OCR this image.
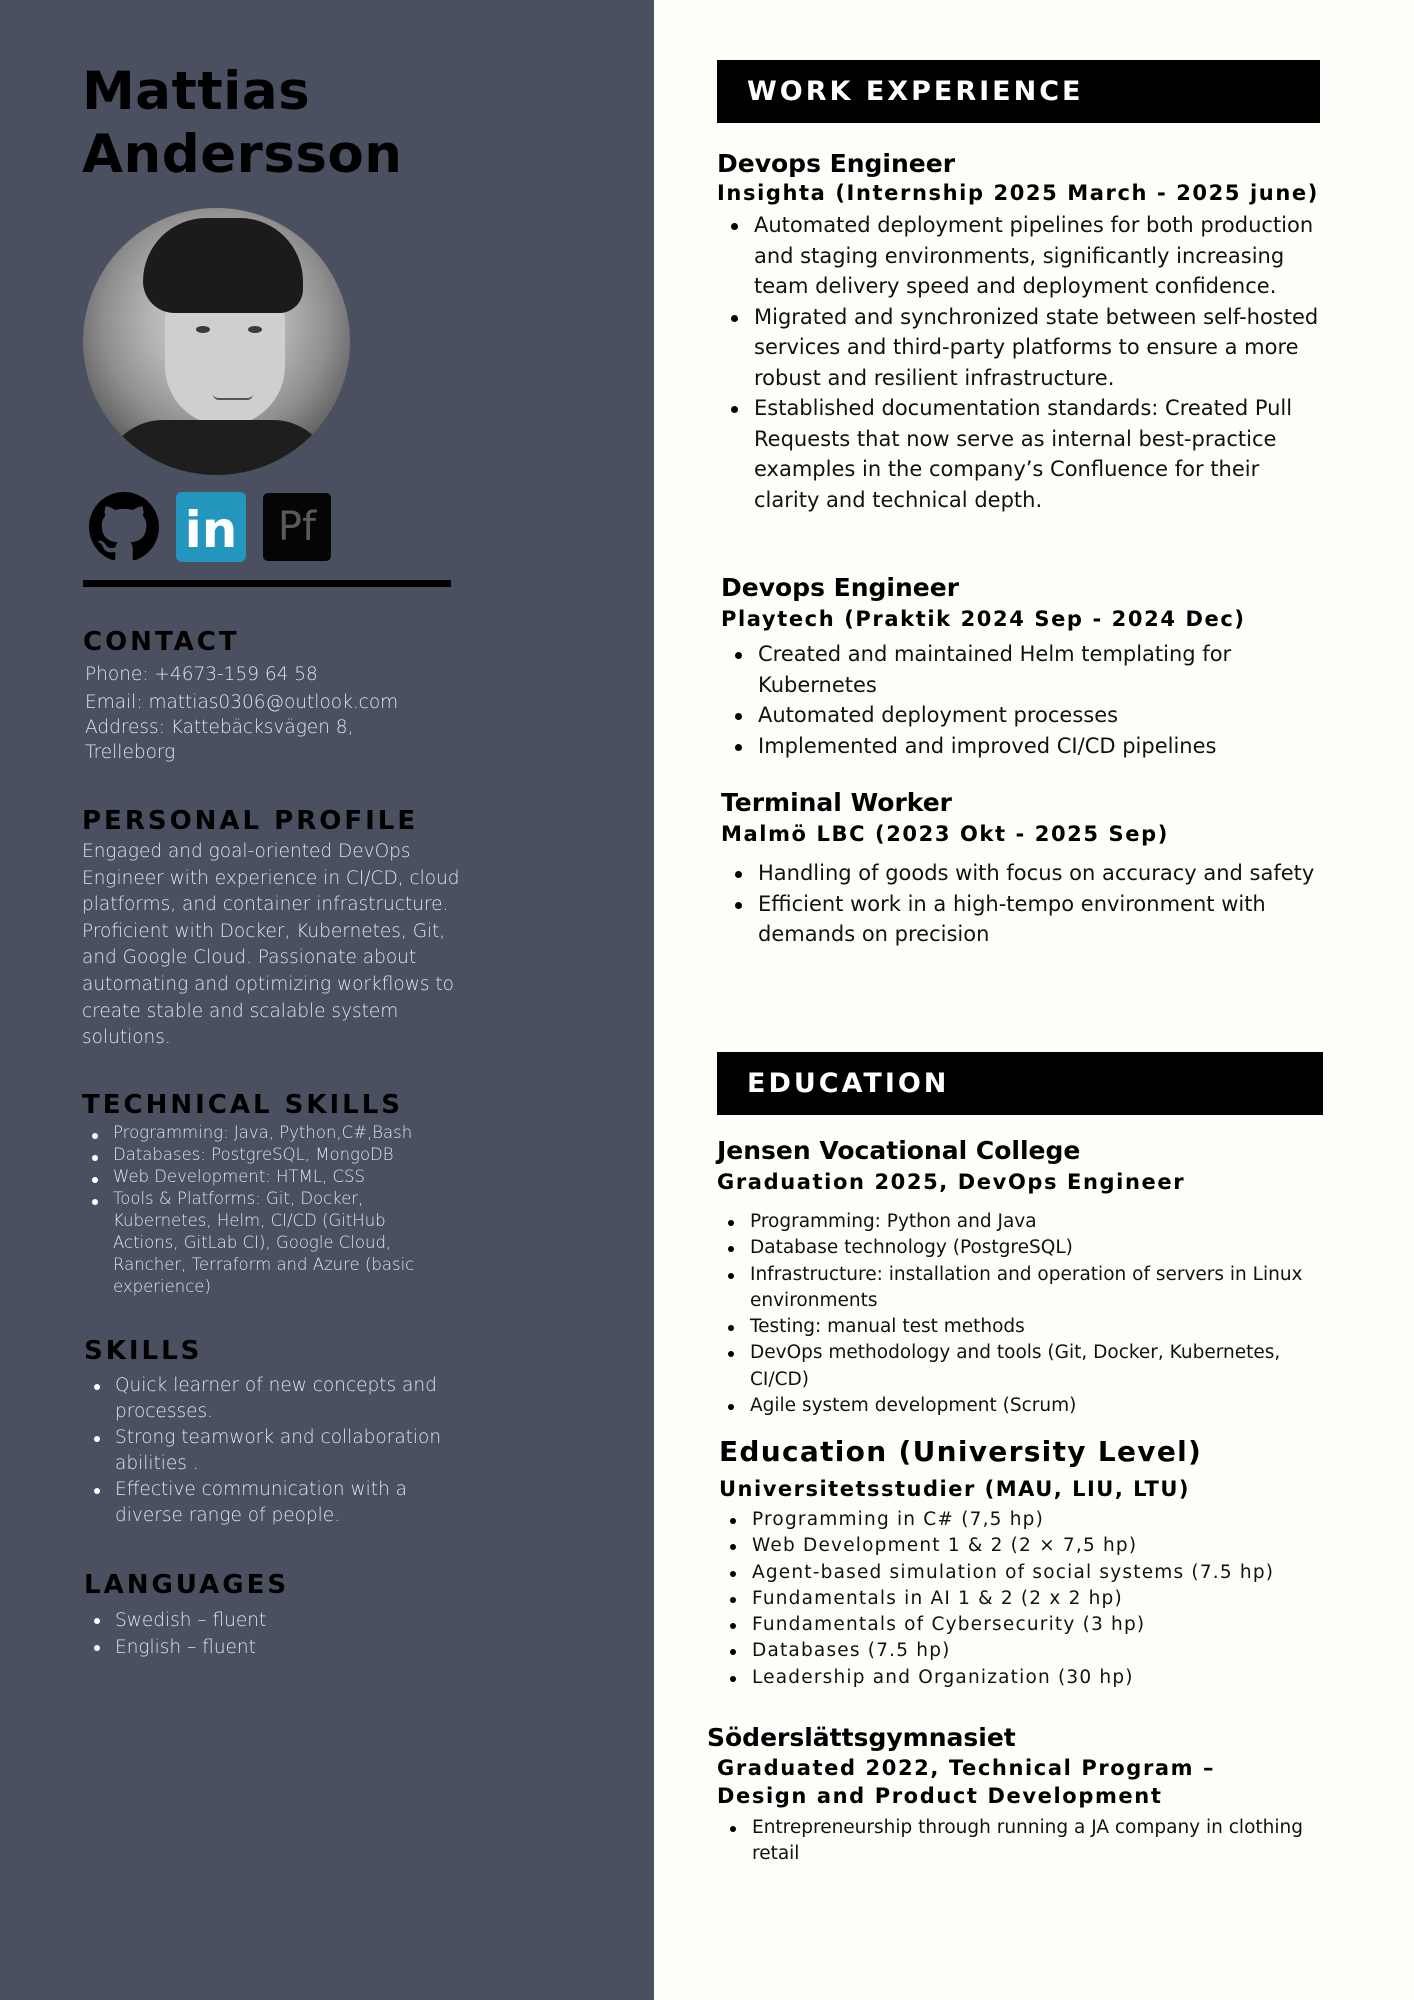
Mattias
Andersson
in Pf
CONTACT
Phone: +4673-159 64 58
Email: mattias0306@outlook.com
Address: Kattebäcksvägen 8,
Trelleborg
PERSONAL PROFILE

Engaged and goal-oriented DevOps Engineer with experience in CI/CD, cloud platforms, and container infrastructure. Proficient with Docker, Kubernetes, Git, and Google Cloud. Passionate about automating and optimizing workflows to create stable and scalable system solutions.

TECHNICAL SKILLS
Programming: Java, Python,C#,Bash
Databases: PostgreSQL, MongoDB
Web Development: HTML, CSS
Tools & Platforms: Git, Docker, Kubernetes, Helm, CI/CD (GitHub Actions, GitLab CI), Google Cloud, Rancher, Terraform and Azure (basic experience)
SKILLS
Quick learner of new concepts and processes.
Strong teamwork and collaboration abilities .
Effective communication with a diverse range of people.
LANGUAGES
Swedish – fluent
English – fluent
WORK EXPERIENCE
Devops Engineer
Insighta (Internship 2025 March - 2025 june)
Automated deployment pipelines for both production and staging environments, significantly increasing team delivery speed and deployment confidence.
Migrated and synchronized state between self-hosted services and third-party platforms to ensure a more robust and resilient infrastructure.
Established documentation standards: Created Pull Requests that now serve as internal best-practice examples in the company’s Confluence for their clarity and technical depth.
Devops Engineer
Playtech (Praktik 2024 Sep - 2024 Dec)
Created and maintained Helm templating for Kubernetes
Automated deployment processes
Implemented and improved CI/CD pipelines
Terminal Worker
Malmö LBC (2023 Okt - 2025 Sep)
Handling of goods with focus on accuracy and safety
Efficient work in a high-tempo environment with demands on precision
EDUCATION
Jensen Vocational College
Graduation 2025, DevOps Engineer
Programming: Python and Java
Database technology (PostgreSQL)
Infrastructure: installation and operation of servers in Linux environments
Testing: manual test methods
DevOps methodology and tools (Git, Docker, Kubernetes, CI/CD)
Agile system development (Scrum)
Education (University Level)
Universitetsstudier (MAU, LIU, LTU)
Programming in C# (7,5 hp)
Web Development 1 & 2 (2 × 7,5 hp)
Agent-based simulation of social systems (7.5 hp)
Fundamentals in AI 1 & 2 (2 x 2 hp)
Fundamentals of Cybersecurity (3 hp)
Databases (7.5 hp)
Leadership and Organization (30 hp)
Söderslättsgymnasiet
Graduated 2022, Technical Program – Design and Product Development
Entrepreneurship through running a JA company in clothing retail
